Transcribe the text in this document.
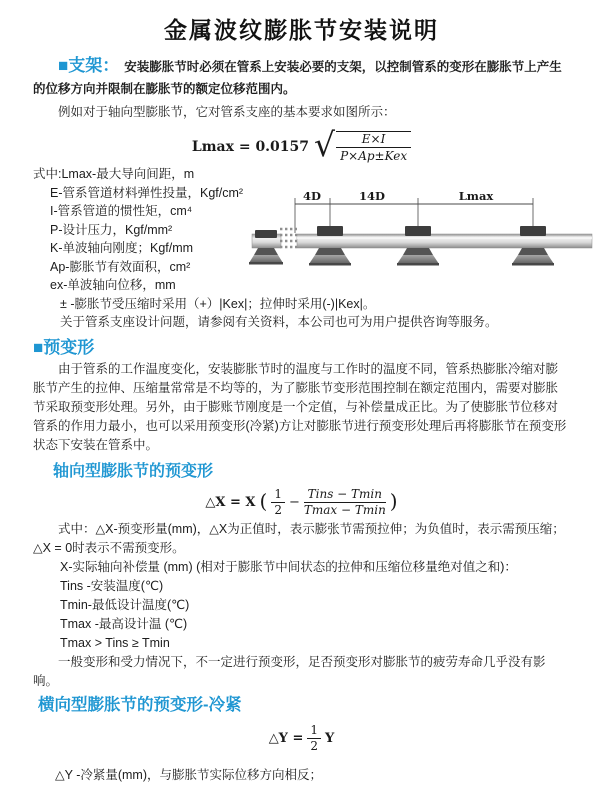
金属波纹膨胀节安装说明

■支架： 安装膨胀节时必须在管系上安装必要的支架，以控制管系的变形在膨胀节上产生的位移方向并限制在膨胀节的额定位移范围内。

例如对于轴向型膨胀节，它对管系支座的基本要求如图所示：

Lmax = 0.0157 √ $\frac{E\times I}{\text{P×Ap±Kex}}$
式中:Lmax-最大导向间距，m
E-管系管道材料弹性投量，Kgf/cm²
I-管系管道的惯性矩，cm⁴
P-设计压力，Kgf/mm²
K-单波轴向刚度；Kgf/mm
Ap-膨胀节有效面积，cm²
ex-单波轴向位移，mm
± -膨胀节受压缩时采用（+）|Kex|；拉伸时采用(-)|Kex|。
关于管系支座设计问题，请参阅有关资料，本公司也可为用户提供咨询等服务。
■预变形

由于管系的工作温度变化，安装膨胀节时的温度与工作时的温度不同，管系热膨胀冷缩对膨胀节产生的拉伸、压缩量常常是不均等的，为了膨胀节变形范围控制在额定范围内，需要对膨胀节采取预变形处理。另外，由于膨账节刚度是一个定值，与补偿量成正比。为了使膨胀节位移对管系的作用力最小，也可以采用预变形(冷紧)方让对膨胀节进行预变形处理后再将膨胀节在预变形状态下安装在管系中。

轴向型膨胀节的预变形
△X = X ( $\frac{1}{2} - \frac{\text{Tins − Tmin}}{Tmax - Tmin}$ )

式中：△X-预变形量(mm)，△X为正值时，表示膨张节需预拉伸；为负值时，表示需预压缩；△X = 0时表示不需预变形。

X-实际轴向补偿量 (mm) (相对于膨胀节中间状态的拉伸和压缩位移量绝对值之和)：
Tins -安装温度(℃)
Tmin-最低设计温度(℃)
Tmax -最高设计温 (℃)
Tmax > Tins ≥ Tmin

一般变形和受力情况下，不一定进行预变形，足否预变形对膨胀节的疲劳寿命几乎没有影响。

横向型膨胀节的预变形-冷紧
△Y = $\frac{1}{2}$ Y

△Y -冷紧量(mm)，与膨胀节实际位移方向相反；

4D	14D	Lmax
